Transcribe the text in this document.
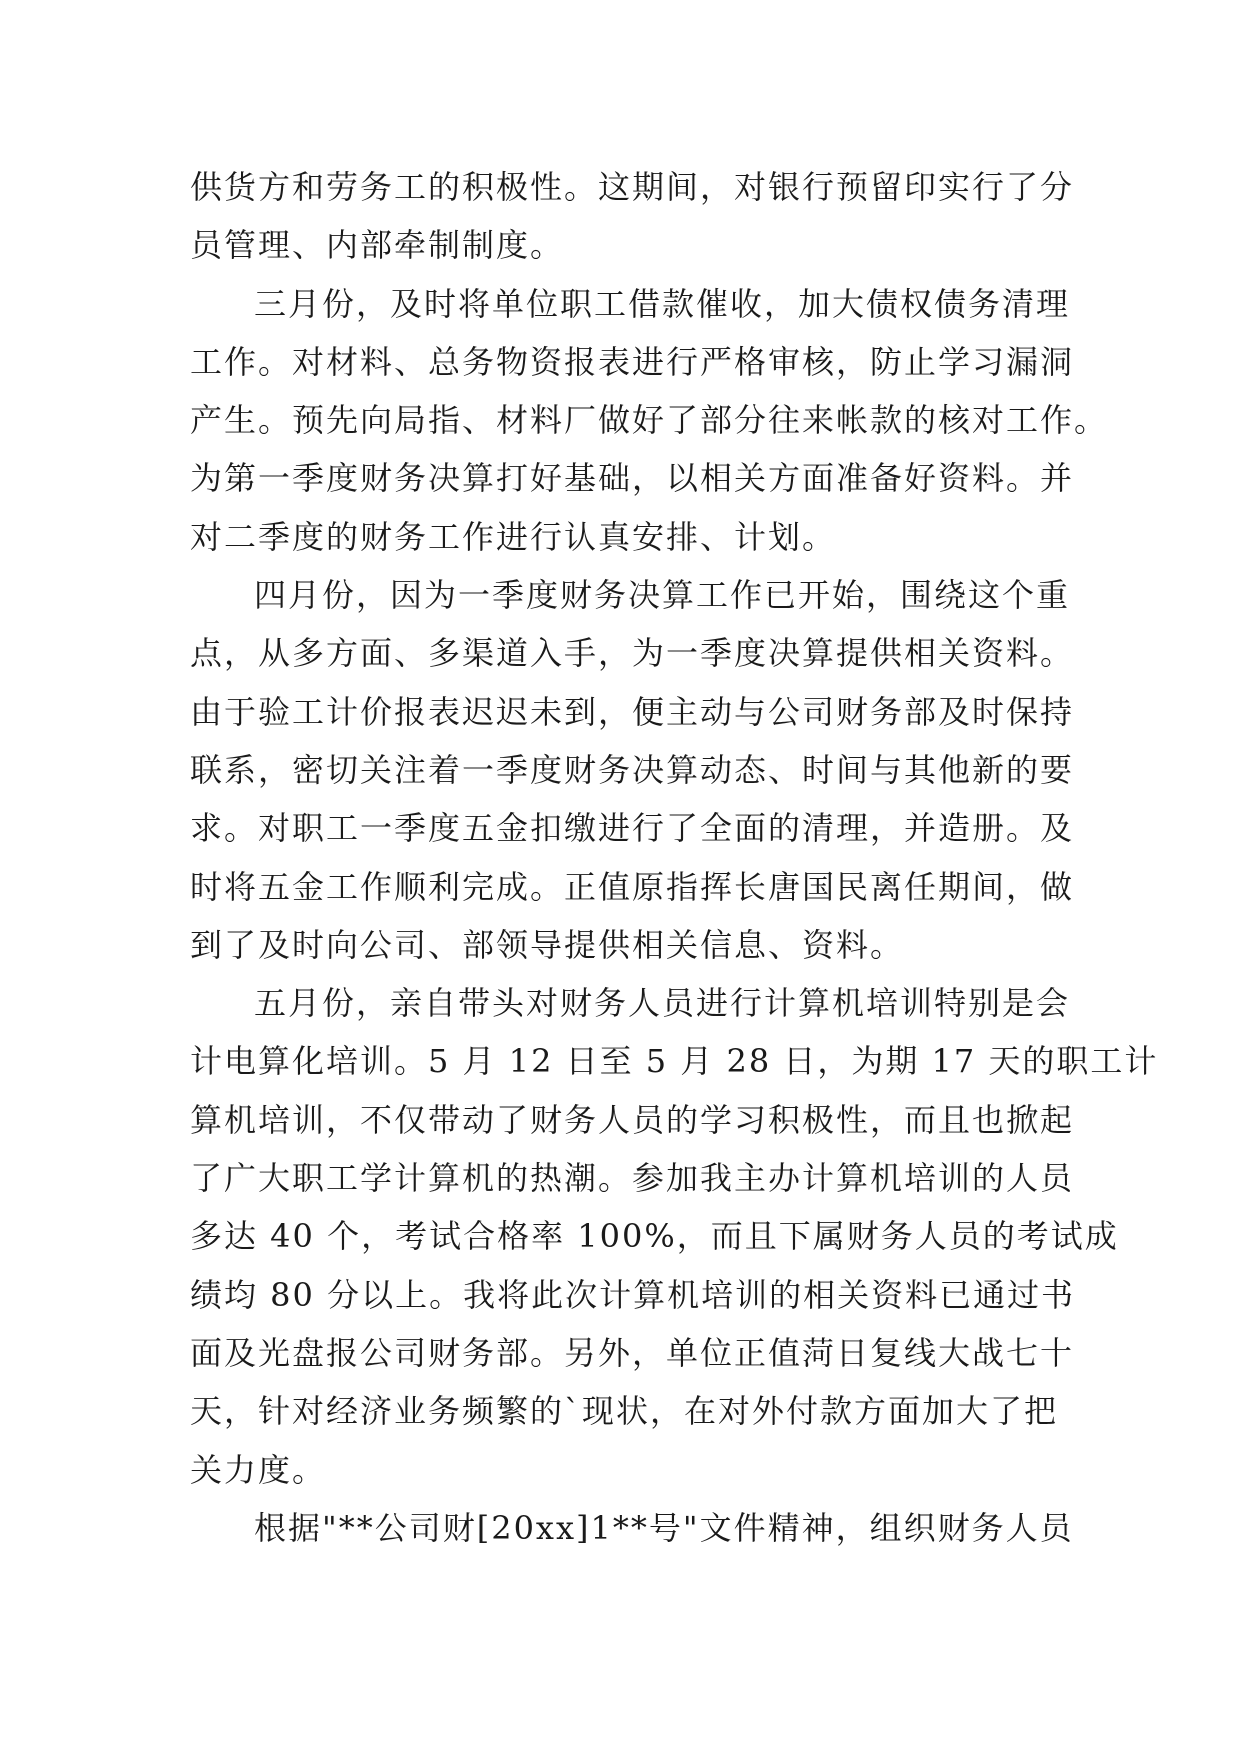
供货方和劳务工的积极性。这期间，对银行预留印实行了分
员管理、内部牵制制度。
三月份，及时将单位职工借款催收，加大债权债务清理
工作。对材料、总务物资报表进行严格审核，防止学习漏洞
产生。预先向局指、材料厂做好了部分往来帐款的核对工作。
为第一季度财务决算打好基础，以相关方面准备好资料。并
对二季度的财务工作进行认真安排、计划。
四月份，因为一季度财务决算工作已开始，围绕这个重
点，从多方面、多渠道入手，为一季度决算提供相关资料。
由于验工计价报表迟迟未到，便主动与公司财务部及时保持
联系，密切关注着一季度财务决算动态、时间与其他新的要
求。对职工一季度五金扣缴进行了全面的清理，并造册。及
时将五金工作顺利完成。正值原指挥长唐国民离任期间，做
到了及时向公司、部领导提供相关信息、资料。
五月份，亲自带头对财务人员进行计算机培训特别是会
计电算化培训。5 月 12 日至 5 月 28 日，为期 17 天的职工计
算机培训，不仅带动了财务人员的学习积极性，而且也掀起
了广大职工学计算机的热潮。参加我主办计算机培训的人员
多达 40 个，考试合格率 100%，而且下属财务人员的考试成
绩均 80 分以上。我将此次计算机培训的相关资料已通过书
面及光盘报公司财务部。另外，单位正值菏日复线大战七十
天，针对经济业务频繁的`现状，在对外付款方面加大了把
关力度。
根据"**公司财[20xx]1**号"文件精神，组织财务人员
